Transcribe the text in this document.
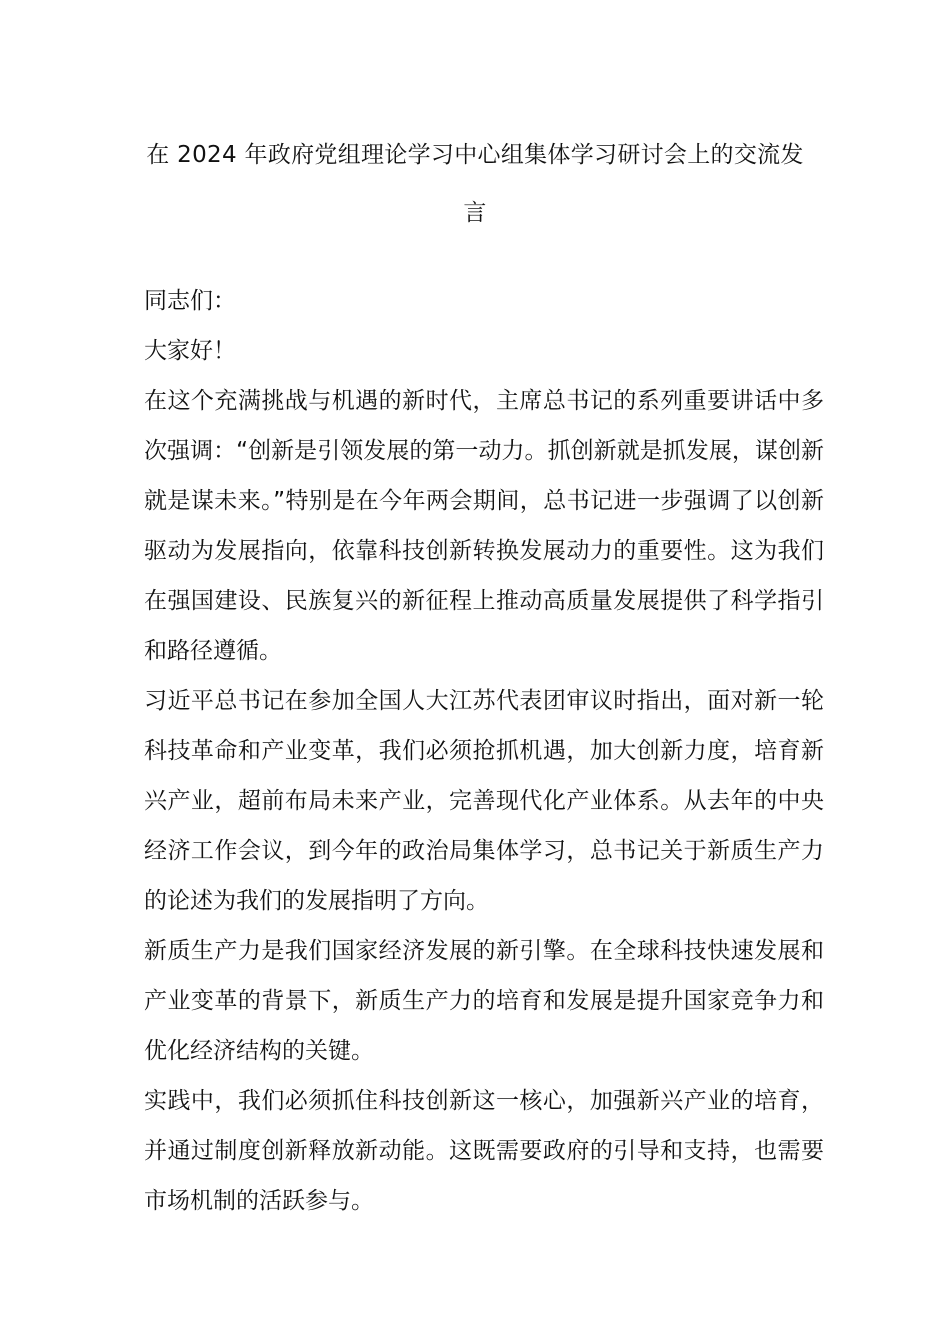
在 2024 年政府党组理论学习中心组集体学习研讨会上的交流发言

同志们：

大家好！

在这个充满挑战与机遇的新时代，主席总书记的系列重要讲话中多次强调：“创新是引领发展的第一动力。抓创新就是抓发展，谋创新就是谋未来。”特别是在今年两会期间，总书记进一步强调了以创新驱动为发展指向，依靠科技创新转换发展动力的重要性。这为我们在强国建设、民族复兴的新征程上推动高质量发展提供了科学指引和路径遵循。

习近平总书记在参加全国人大江苏代表团审议时指出，面对新一轮科技革命和产业变革，我们必须抢抓机遇，加大创新力度，培育新兴产业，超前布局未来产业，完善现代化产业体系。从去年的中央经济工作会议，到今年的政治局集体学习，总书记关于新质生产力的论述为我们的发展指明了方向。

新质生产力是我们国家经济发展的新引擎。在全球科技快速发展和产业变革的背景下，新质生产力的培育和发展是提升国家竞争力和优化经济结构的关键。

实践中，我们必须抓住科技创新这一核心，加强新兴产业的培育，并通过制度创新释放新动能。这既需要政府的引导和支持，也需要市场机制的活跃参与。
